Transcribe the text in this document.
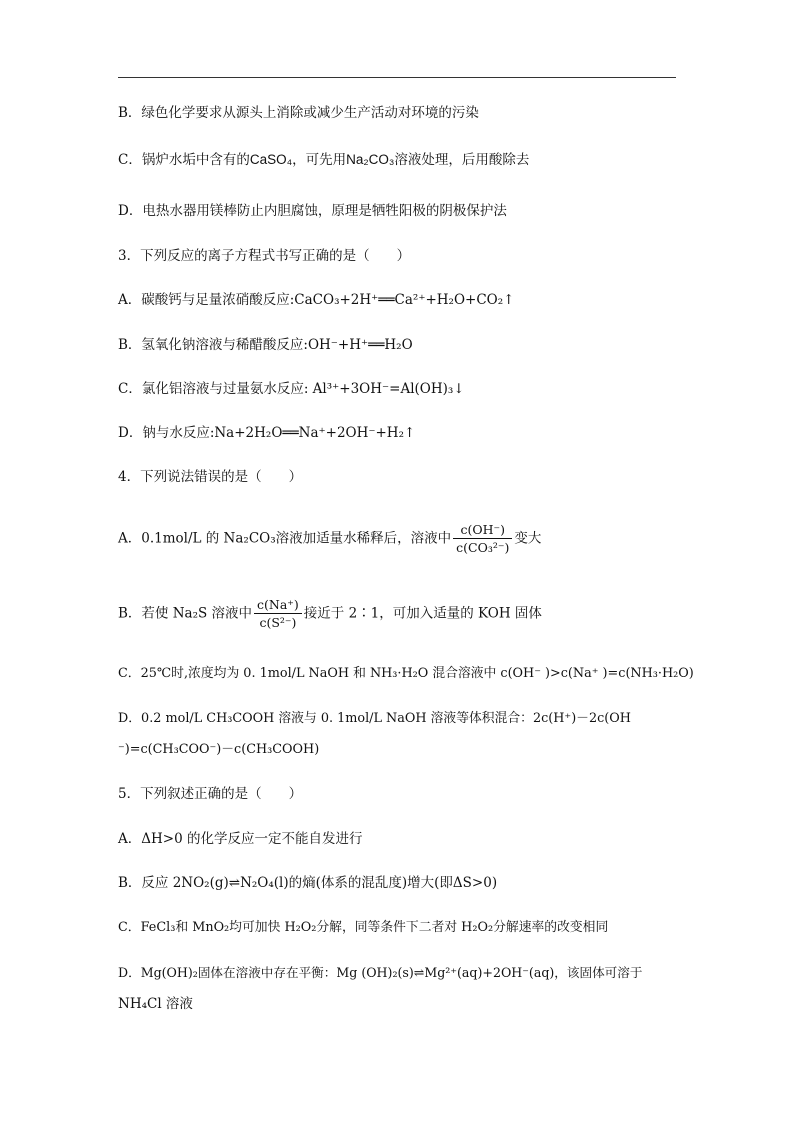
B．绿色化学要求从源头上消除或减少生产活动对环境的污染
C．锅炉水垢中含有的CaSO₄，可先用Na₂CO₃溶液处理，后用酸除去
D．电热水器用镁棒防止内胆腐蚀，原理是牺牲阳极的阴极保护法
3．下列反应的离子方程式书写正确的是（　　）
A．碳酸钙与足量浓硝酸反应:CaCO₃+2H⁺══Ca²⁺+H₂O+CO₂↑
B．氢氧化钠溶液与稀醋酸反应:OH⁻+H⁺══H₂O
C．氯化铝溶液与过量氨水反应: Al³⁺+3OH⁻=Al(OH)₃↓
D．钠与水反应:Na+2H₂O══Na⁺+2OH⁻+H₂↑
4．下列说法错误的是（　　）
A．0.1mol/L 的 Na₂CO₃溶液加适量水稀释后，溶液中 $\frac{c(OH^-)}{\text{c(CO₃²⁻)}}$ 变大
B．若使 Na₂S 溶液中 $\frac{c(Na^+)}{\text{c(S²⁻)}}$ 接近于 2∶1，可加入适量的 KOH 固体
C．25℃时,浓度均为 0. 1mol/L NaOH 和 NH₃·H₂O 混合溶液中 c(OH⁻ )>c(Na⁺ )=c(NH₃·H₂O)
D．0.2 mol/L CH₃COOH 溶液与 0. 1mol/L NaOH 溶液等体积混合：2c(H⁺)－2c(OH
⁻)=c(CH₃COO⁻)－c(CH₃COOH)
5．下列叙述正确的是（　　）
A．ΔH>0 的化学反应一定不能自发进行
B．反应 2NO₂(g)⇌N₂O₄(l)的熵(体系的混乱度)增大(即ΔS>0)
C．FeCl₃和 MnO₂均可加快 H₂O₂分解，同等条件下二者对 H₂O₂分解速率的改变相同
D．Mg(OH)₂固体在溶液中存在平衡：Mg (OH)₂(s)⇌Mg²⁺(aq)+2OH⁻(aq)，该固体可溶于
NH₄Cl 溶液
